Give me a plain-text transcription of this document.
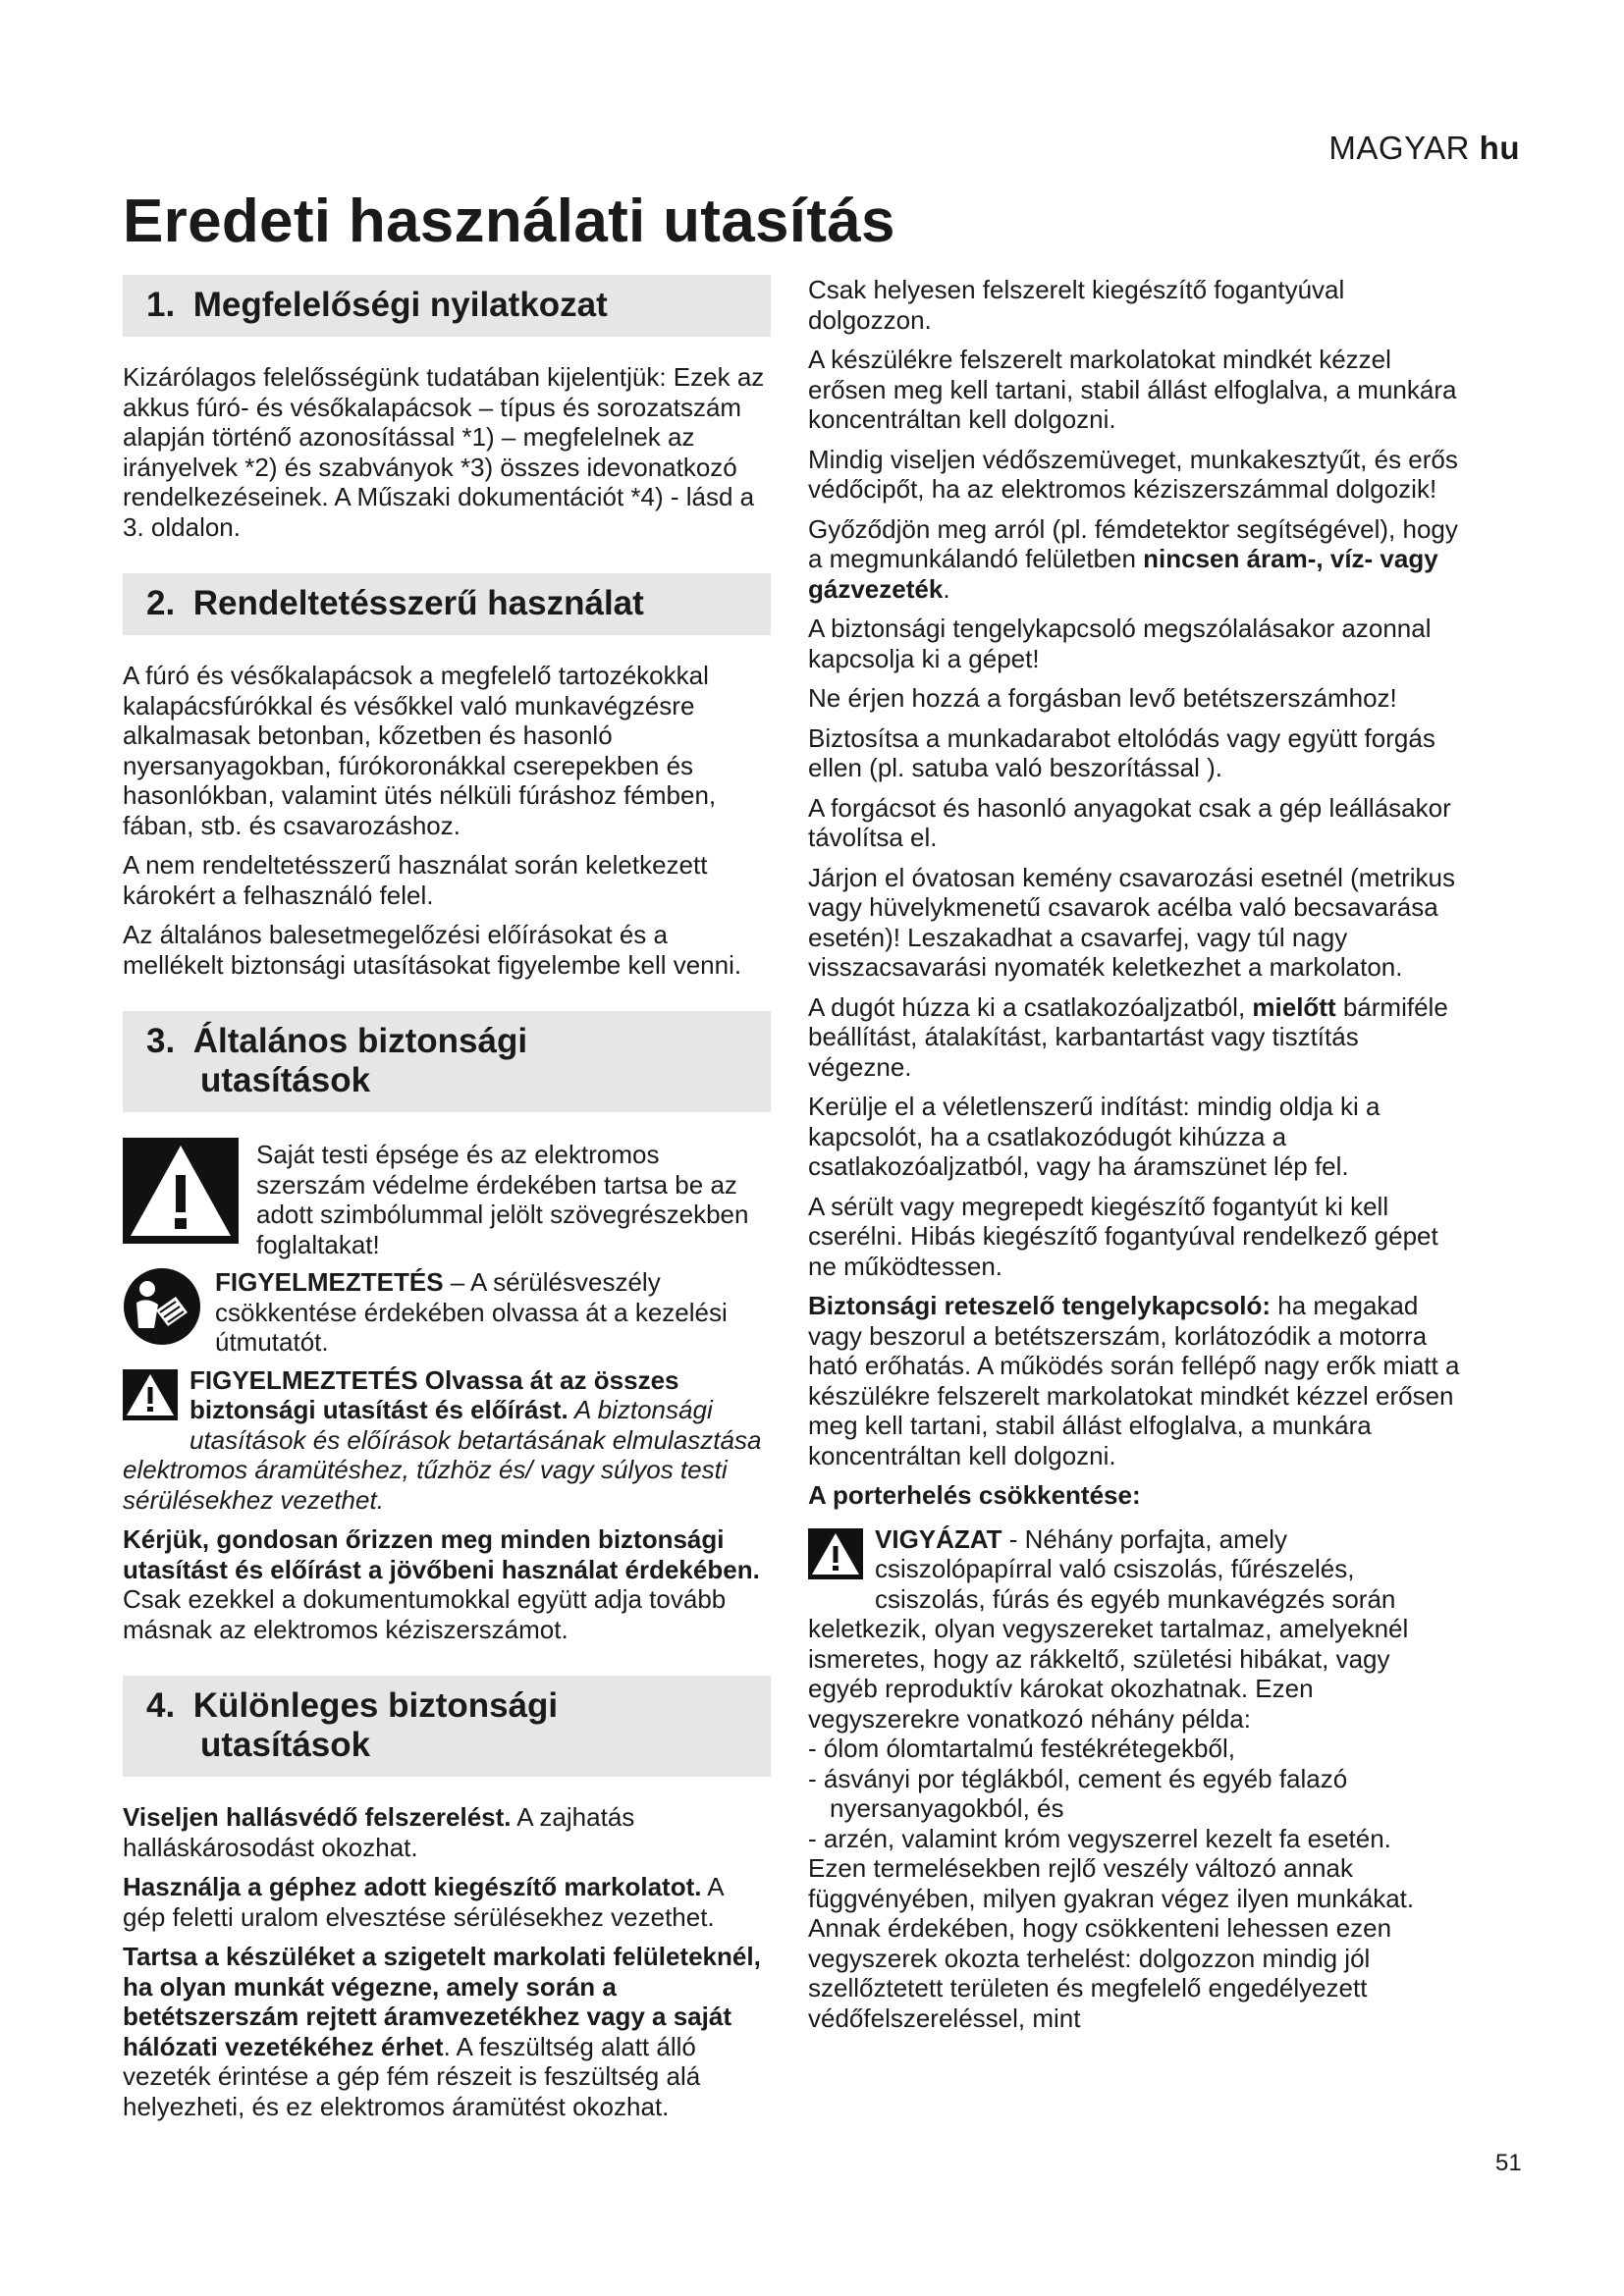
MAGYAR hu
Eredeti használati utasítás
1. Megfelelőségi nyilatkozat

Kizárólagos felelősségünk tudatában kijelentjük: Ezek az akkus fúró- és vésőkalapácsok – típus és sorozatszám alapján történő azonosítással *1) – megfelelnek az irányelvek *2) és szabványok *3) összes idevonatkozó rendelkezéseinek. A Műszaki dokumentációt *4) - lásd a 3. oldalon.

2. Rendeltetésszerű használat

A fúró és vésőkalapácsok a megfelelő tartozékokkal kalapácsfúrókkal és vésőkkel való munkavégzésre alkalmasak betonban, kőzetben és hasonló nyersanyagokban, fúrókoronákkal cserepekben és hasonlókban, valamint ütés nélküli fúráshoz fémben, fában, stb. és csavarozáshoz.

A nem rendeltetésszerű használat során keletkezett károkért a felhasználó felel.

Az általános balesetmegelőzési előírásokat és a mellékelt biztonsági utasításokat figyelembe kell venni.

3. Általános biztonsági
utasítások
Saját testi épsége és az elektromos szerszám védelme érdekében tartsa be az adott szimbólummal jelölt szövegrészekben foglaltakat!
FIGYELMEZTETÉS – A sérülésveszély csökkentése érdekében olvassa át a kezelési útmutatót.
FIGYELMEZTETÉS Olvassa át az összes biztonsági utasítást és előírást. A biztonsági utasítások és előírások betartásának elmulasztása elektromos áramütéshez, tűzhöz és/ vagy súlyos testi sérülésekhez vezethet.

Kérjük, gondosan őrizzen meg minden biztonsági utasítást és előírást a jövőbeni használat érdekében.

Csak ezekkel a dokumentumokkal együtt adja tovább másnak az elektromos kéziszerszámot.

4. Különleges biztonsági
utasítások

Viseljen hallásvédő felszerelést. A zajhatás halláskárosodást okozhat.

Használja a géphez adott kiegészítő markolatot. A gép feletti uralom elvesztése sérülésekhez vezethet.

Tartsa a készüléket a szigetelt markolati felületeknél, ha olyan munkát végezne, amely során a betétszerszám rejtett áramvezetékhez vagy a saját hálózati vezetékéhez érhet. A feszültség alatt álló vezeték érintése a gép fém részeit is feszültség alá helyezheti, és ez elektromos áramütést okozhat.

Csak helyesen felszerelt kiegészítő fogantyúval dolgozzon.

A készülékre felszerelt markolatokat mindkét kézzel erősen meg kell tartani, stabil állást elfoglalva, a munkára koncentráltan kell dolgozni.

Mindig viseljen védőszemüveget, munkakesztyűt, és erős védőcipőt, ha az elektromos kéziszerszámmal dolgozik!

Győződjön meg arról (pl. fémdetektor segítségével), hogy a megmunkálandó felületben nincsen áram-, víz- vagy gázvezeték.

A biztonsági tengelykapcsoló megszólalásakor azonnal kapcsolja ki a gépet!

Ne érjen hozzá a forgásban levő betétszerszámhoz!

Biztosítsa a munkadarabot eltolódás vagy együtt forgás ellen (pl. satuba való beszorítással ).

A forgácsot és hasonló anyagokat csak a gép leállásakor távolítsa el.

Járjon el óvatosan kemény csavarozási esetnél (metrikus vagy hüvelykmenetű csavarok acélba való becsavarása esetén)! Leszakadhat a csavarfej, vagy túl nagy visszacsavarási nyomaték keletkezhet a markolaton.

A dugót húzza ki a csatlakozóaljzatból, mielőtt bármiféle beállítást, átalakítást, karbantartást vagy tisztítás végezne.

Kerülje el a véletlenszerű indítást: mindig oldja ki a kapcsolót, ha a csatlakozódugót kihúzza a csatlakozóaljzatból, vagy ha áramszünet lép fel.

A sérült vagy megrepedt kiegészítő fogantyút ki kell cserélni. Hibás kiegészítő fogantyúval rendelkező gépet ne működtessen.

Biztonsági reteszelő tengelykapcsoló: ha megakad vagy beszorul a betétszerszám, korlátozódik a motorra ható erőhatás. A működés során fellépő nagy erők miatt a készülékre felszerelt markolatokat mindkét kézzel erősen meg kell tartani, stabil állást elfoglalva, a munkára koncentráltan kell dolgozni.

A porterhelés csökkentése:

VIGYÁZAT - Néhány porfajta, amely csiszolópapírral való csiszolás, fűrészelés, csiszolás, fúrás és egyéb munkavégzés során keletkezik, olyan vegyszereket tartalmaz, amelyeknél ismeretes, hogy az rákkeltő, születési hibákat, vagy egyéb reproduktív károkat okozhatnak. Ezen vegyszerekre vonatkozó néhány példa:
- ólom ólomtartalmú festékrétegekből,
- ásványi por téglákból, cement és egyéb falazó nyersanyagokból, és
- arzén, valamint króm vegyszerrel kezelt fa esetén.

Ezen termelésekben rejlő veszély változó annak függvényében, milyen gyakran végez ilyen munkákat. Annak érdekében, hogy csökkenteni lehessen ezen vegyszerek okozta terhelést: dolgozzon mindig jól szellőztetett területen és megfelelő engedélyezett védőfelszereléssel, mint

51
